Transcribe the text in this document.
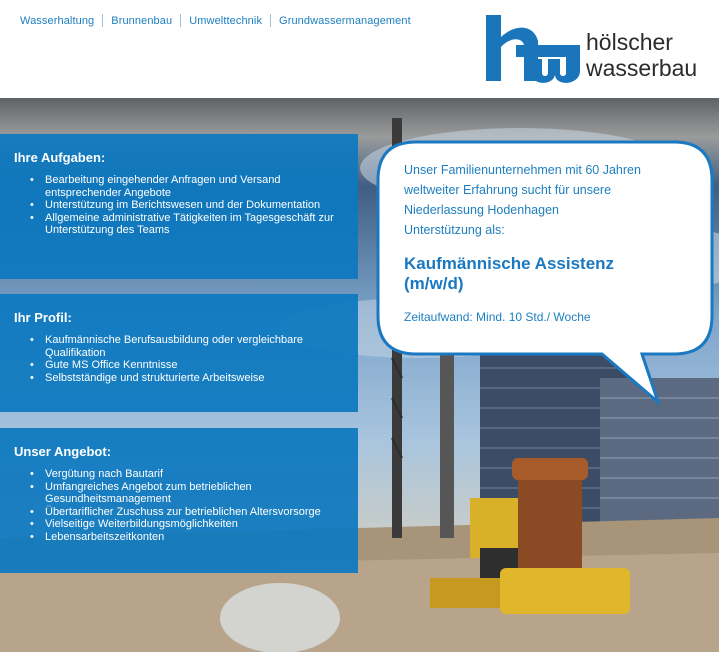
Wasserhaltung Brunnenbau Umwelttechnik Grundwassermanagement
hölscher
wasserbau
Ihre Aufgaben:
• Bearbeitung eingehender Anfragen und Versand entsprechender Angebote
• Unterstützung im Berichtswesen und der Dokumentation
• Allgemeine administrative Tätigkeiten im Tagesgeschäft zur Unterstützung des Teams
Ihr Profil:
• Kaufmännische Berufsausbildung oder vergleichbare Qualifikation
• Gute MS Office Kenntnisse
• Selbstständige und strukturierte Arbeitsweise
Unser Angebot:
• Vergütung nach Bautarif
• Umfangreiches Angebot zum betrieblichen Gesundheitsmanagement
• Übertariflicher Zuschuss zur betrieblichen Altersvorsorge
• Vielseitige Weiterbildungsmöglichkeiten
• Lebensarbeitszeitkonten
Unser Familienunternehmen mit 60 Jahren
weltweiter Erfahrung sucht für unsere
Niederlassung Hodenhagen
Unterstützung als:
Kaufmännische Assistenz
(m/w/d)
Zeitaufwand: Mind. 10 Std./ Woche
